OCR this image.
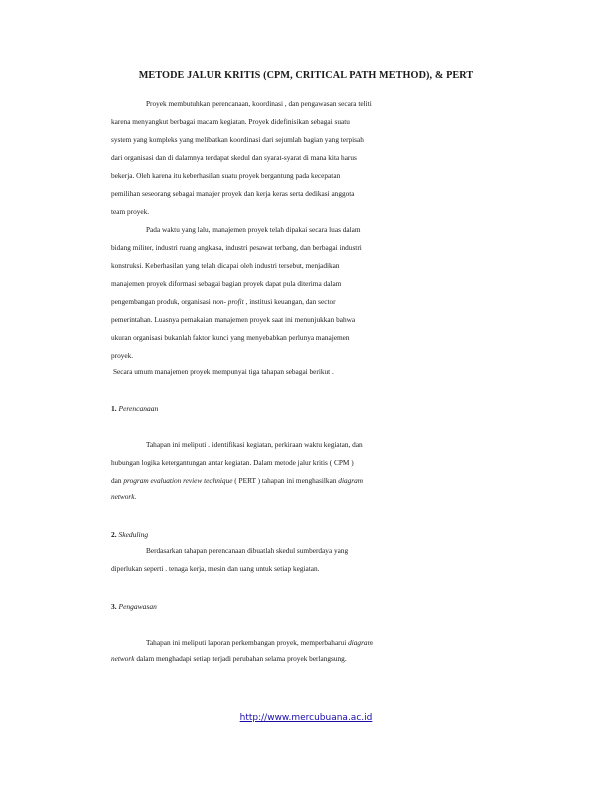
METODE JALUR KRITIS (CPM, CRITICAL PATH METHOD), & PERT
Proyek membutuhkan perencanaan, koordinasi , dan pengawasan secara teliti
karena menyangkut berbagai macam kegiatan. Proyek didefinisikan sebagai suatu
system yang kompleks yang melibatkan koordinasi dari sejumlah bagian yang terpisah
dari organisasi dan di dalamnya terdapat skedul dan syarat-syarat di mana kita harus
bekerja. Oleh karena itu keberhasilan suatu proyek bergantung pada kecepatan
pemilihan seseorang sebagai manajer proyek dan kerja keras serta dedikasi anggota
team proyek.
Pada waktu yang lalu, manajemen proyek telah dipakai secara luas dalam
bidang militer, industri ruang angkasa, industri pesawat terbang, dan berbagai industri
konstruksi. Keberhasilan yang telah dicapai oleh industri tersebut, menjadikan
manajemen proyek diformasi sebagai bagian proyek dapat pula diterima dalam
pengembangan produk, organisasi non- profit , institusi keuangan, dan sector
pemerintahan. Luasnya pemakaian manajemen proyek saat ini menunjukkan bahwa
ukuran organisasi bukanlah faktor kunci yang menyebabkan perlunya manajemen
proyek.
Secara umum manajemen proyek mempunyai tiga tahapan sebagai berikut .
1. Perencanaan
Tahapan ini meliputi . identifikasi kegiatan, perkiraan waktu kegiatan, dan
hubungan logika ketergantungan antar kegiatan. Dalam metode jalur kritis ( CPM )
dan program evaluation review technique ( PERT ) tahapan ini menghasilkan diagram
network.
2. Skeduling
Berdasarkan tahapan perencanaan dibuatlah skedul sumberdaya yang
diperlukan seperti . tenaga kerja, mesin dan uang untuk setiap kegiatan.
3. Pengawasan
Tahapan ini meliputi laporan perkembangan proyek, memperbaharui diagram
network dalam menghadapi setiap terjadi perubahan selama proyek berlangsung.
http://www.mercubuana.ac.id
